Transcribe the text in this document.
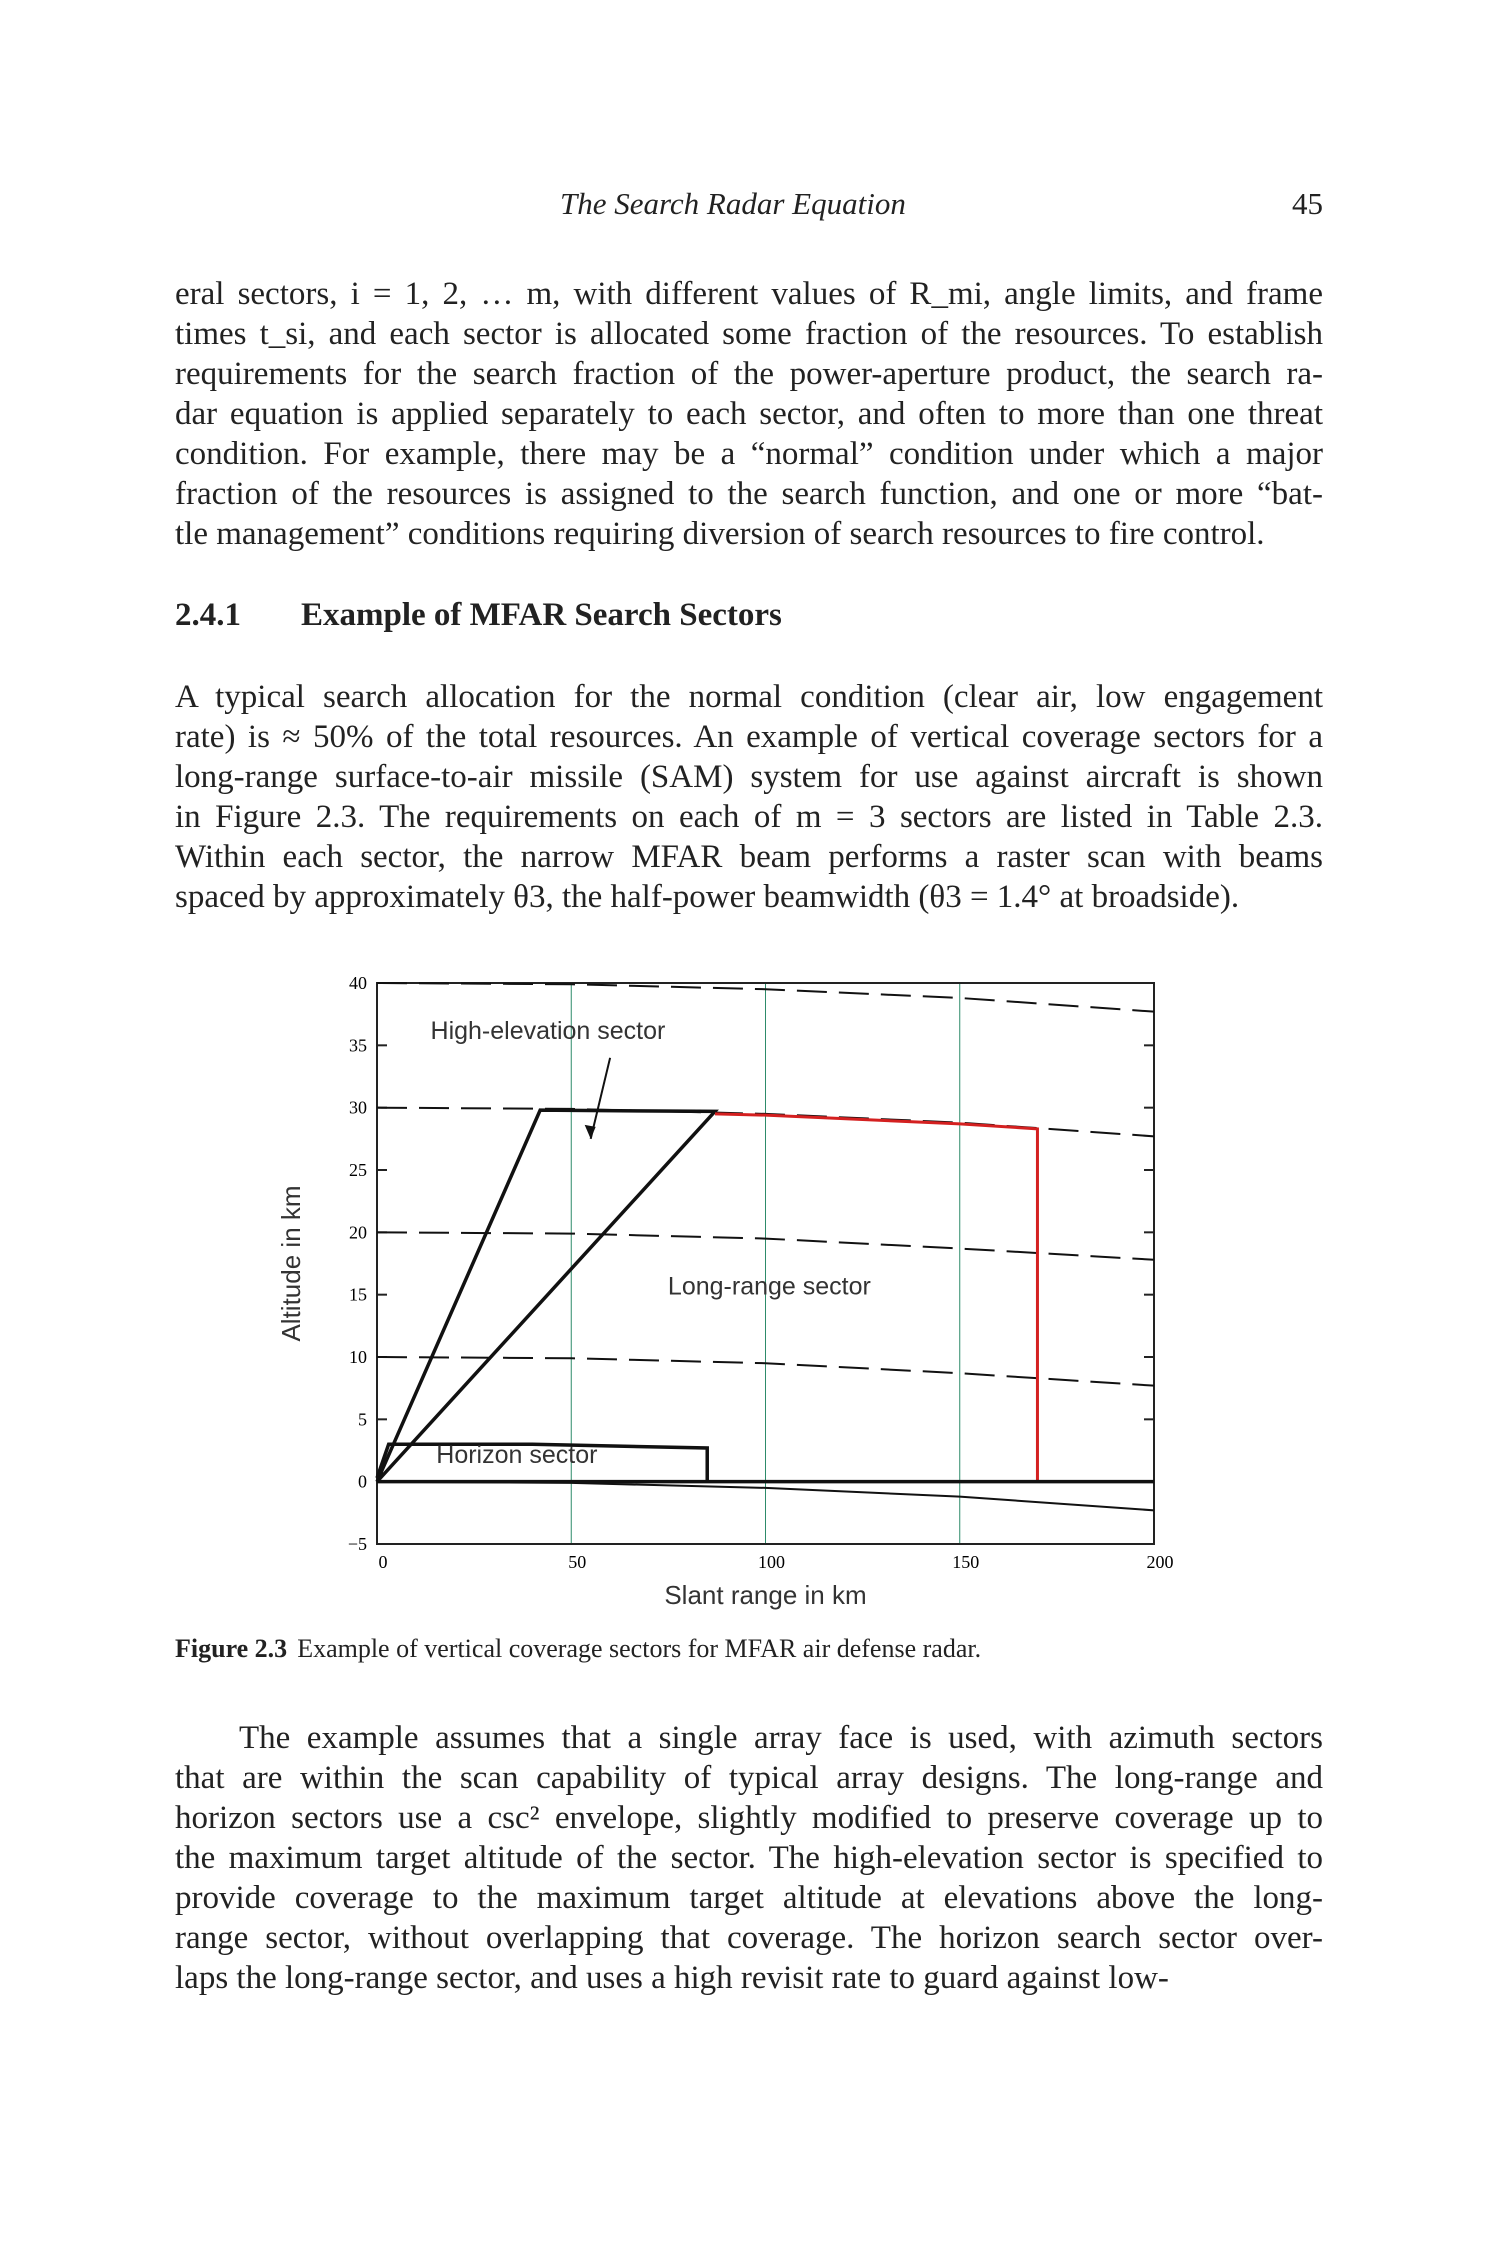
The Search Radar Equation	45
eral sectors, i = 1, 2, … m, with different values of R_mi, angle limits, and frame
times t_si, and each sector is allocated some fraction of the resources. To establish
requirements for the search fraction of the power-aperture product, the search ra-
dar equation is applied separately to each sector, and often to more than one threat
condition. For example, there may be a “normal” condition under which a major
fraction of the resources is assigned to the search function, and one or more “bat-
tle management” conditions requiring diversion of search resources to fire control.
2.4.1 Example of MFAR Search Sectors
A typical search allocation for the normal condition (clear air, low engagement
rate) is ≈ 50% of the total resources. An example of vertical coverage sectors for a
long-range surface-to-air missile (SAM) system for use against aircraft is shown
in Figure 2.3. The requirements on each of m = 3 sectors are listed in Table 2.3.
Within each sector, the narrow MFAR beam performs a raster scan with beams
spaced by approximately θ3, the half-power beamwidth (θ3 = 1.4° at broadside).
−5
0
5
10
15
20
25
30
35
40
0	50	100	150	200
High-elevation sector
Long-range sector
Horizon sector
Slant range in km
Altitude in km
Figure 2.3 Example of vertical coverage sectors for MFAR air defense radar.
The example assumes that a single array face is used, with azimuth sectors
that are within the scan capability of typical array designs. The long-range and
horizon sectors use a csc² envelope, slightly modified to preserve coverage up to
the maximum target altitude of the sector. The high-elevation sector is specified to
provide coverage to the maximum target altitude at elevations above the long-
range sector, without overlapping that coverage. The horizon search sector over-
laps the long-range sector, and uses a high revisit rate to guard against low-
